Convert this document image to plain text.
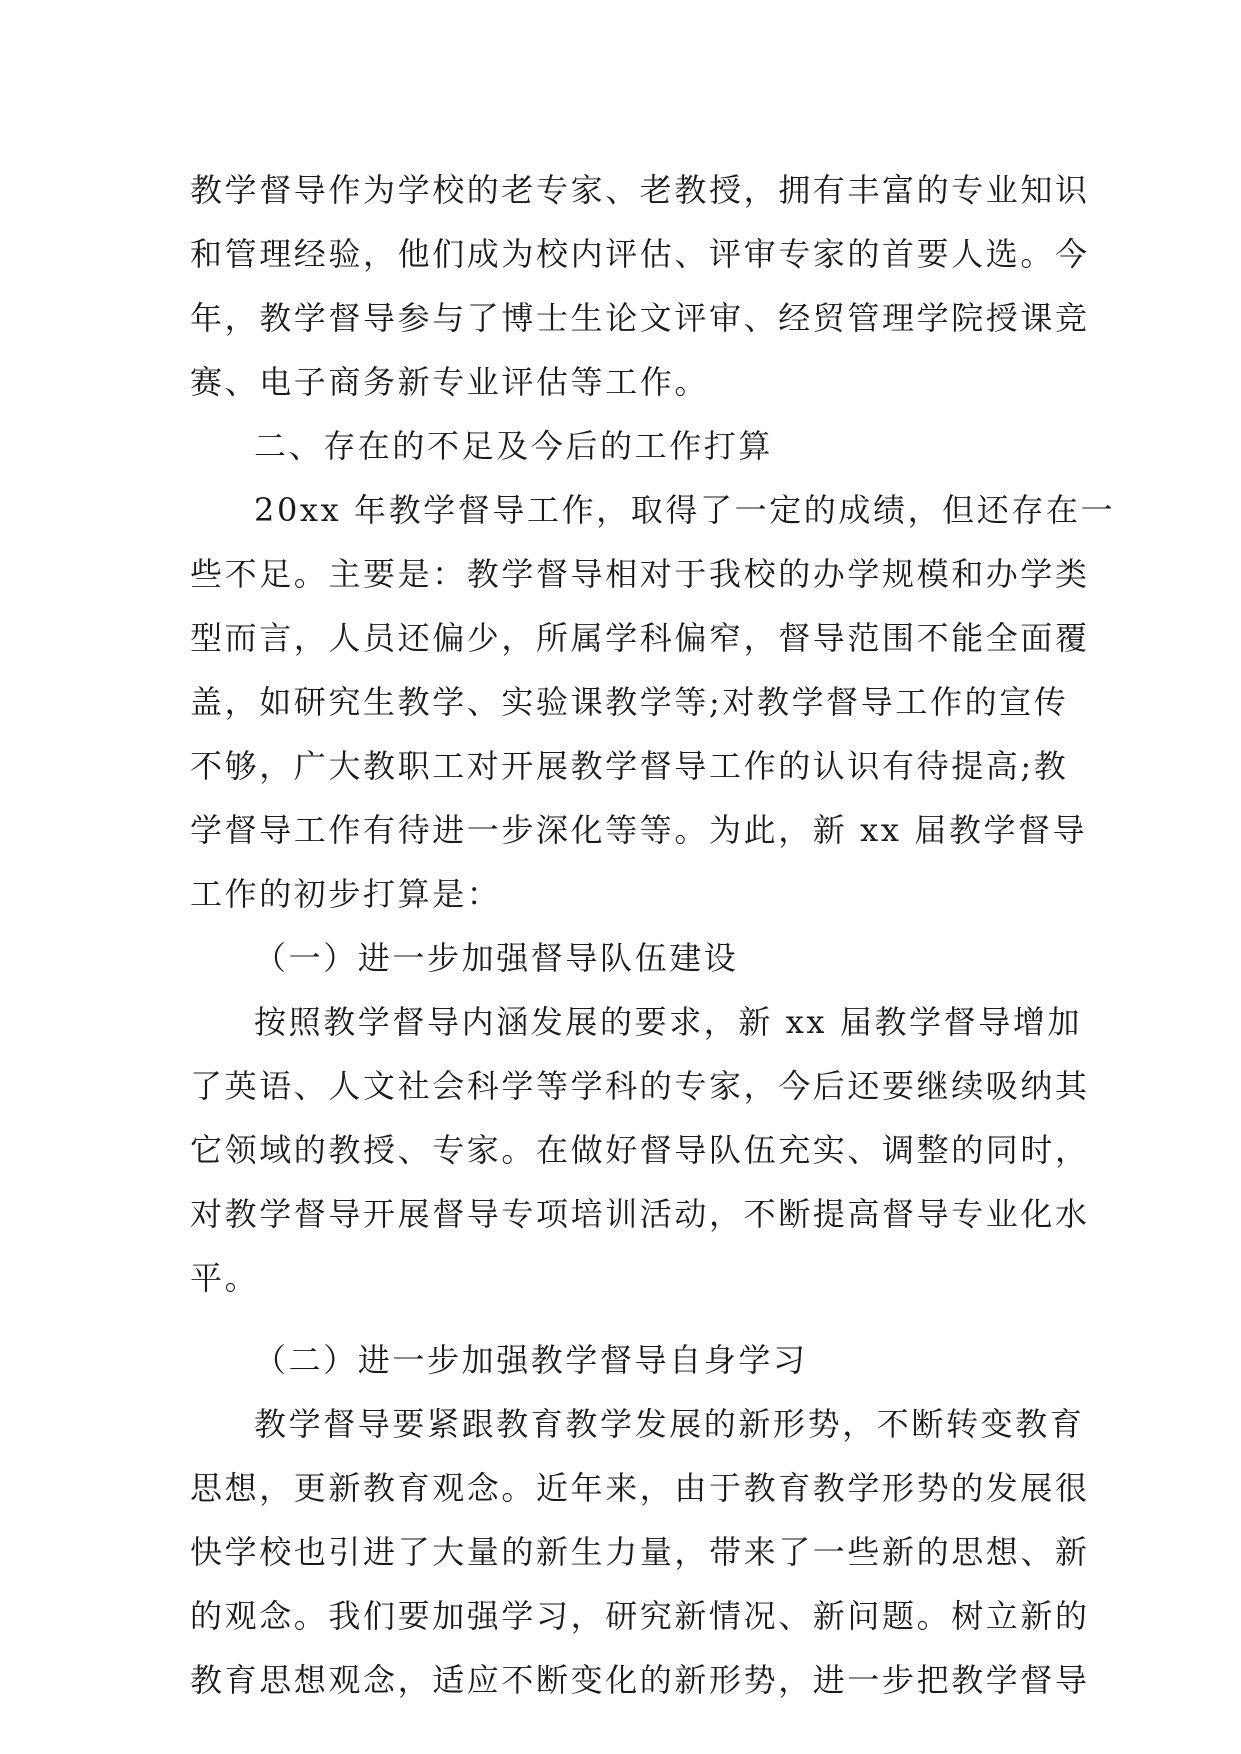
教学督导作为学校的老专家、老教授，拥有丰富的专业知识
和管理经验，他们成为校内评估、评审专家的首要人选。今
年，教学督导参与了博士生论文评审、经贸管理学院授课竞
赛、电子商务新专业评估等工作。
二、存在的不足及今后的工作打算
20xx 年教学督导工作，取得了一定的成绩，但还存在一
些不足。主要是：教学督导相对于我校的办学规模和办学类
型而言，人员还偏少，所属学科偏窄，督导范围不能全面覆
盖，如研究生教学、实验课教学等;对教学督导工作的宣传
不够，广大教职工对开展教学督导工作的认识有待提高;教
学督导工作有待进一步深化等等。为此，新 xx 届教学督导
工作的初步打算是：
（一）进一步加强督导队伍建设
按照教学督导内涵发展的要求，新 xx 届教学督导增加
了英语、人文社会科学等学科的专家，今后还要继续吸纳其
它领域的教授、专家。在做好督导队伍充实、调整的同时，
对教学督导开展督导专项培训活动，不断提高督导专业化水
平。
（二）进一步加强教学督导自身学习
教学督导要紧跟教育教学发展的新形势，不断转变教育
思想，更新教育观念。近年来，由于教育教学形势的发展很
快学校也引进了大量的新生力量，带来了一些新的思想、新
的观念。我们要加强学习，研究新情况、新问题。树立新的
教育思想观念，适应不断变化的新形势，进一步把教学督导
